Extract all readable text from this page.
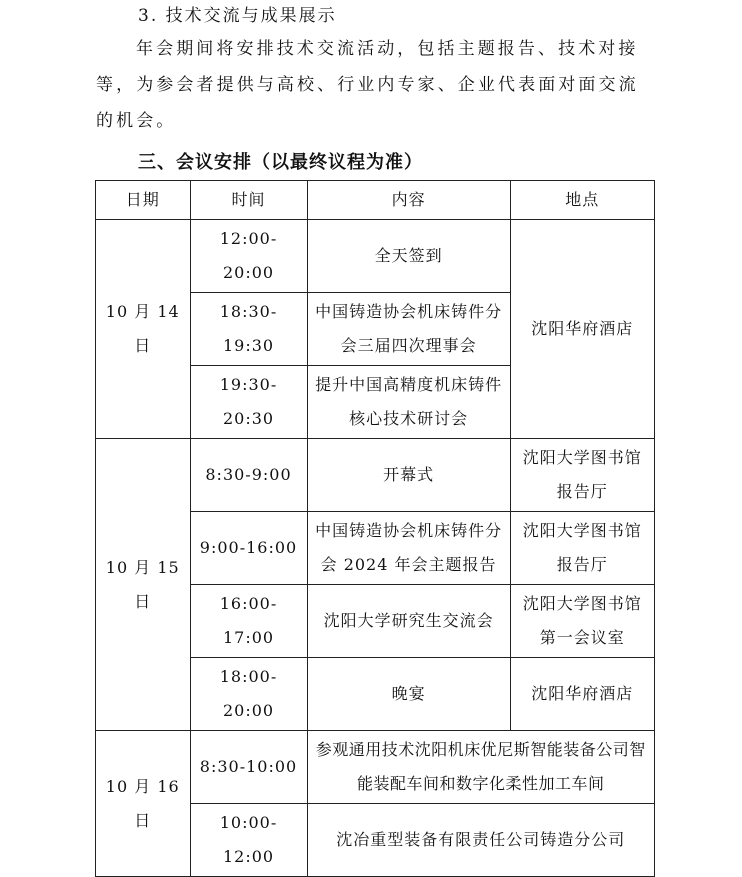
3. 技术交流与成果展示
年会期间将安排技术交流活动，包括主题报告、技术对接等，为参会者提供与高校、行业内专家、企业代表面对面交流的机会。
三、会议安排（以最终议程为准）
日期	时间	内容	地点
10 月 14 日	12:00-20:00	全天签到	沈阳华府酒店
	18:30-19:30	中国铸造协会机床铸件分会三届四次理事会	
	19:30-20:30	提升中国高精度机床铸件核心技术研讨会	
10 月 15 日	8:30-9:00	开幕式	沈阳大学图书馆报告厅
	9:00-16:00	中国铸造协会机床铸件分会 2024 年会主题报告	沈阳大学图书馆报告厅
	16:00-17:00	沈阳大学研究生交流会	沈阳大学图书馆第一会议室
	18:00-20:00	晚宴	沈阳华府酒店
10 月 16 日	8:30-10:00	参观通用技术沈阳机床优尼斯智能装备公司智能装配车间和数字化柔性加工车间	
	10:00-12:00	沈冶重型装备有限责任公司铸造分公司	
